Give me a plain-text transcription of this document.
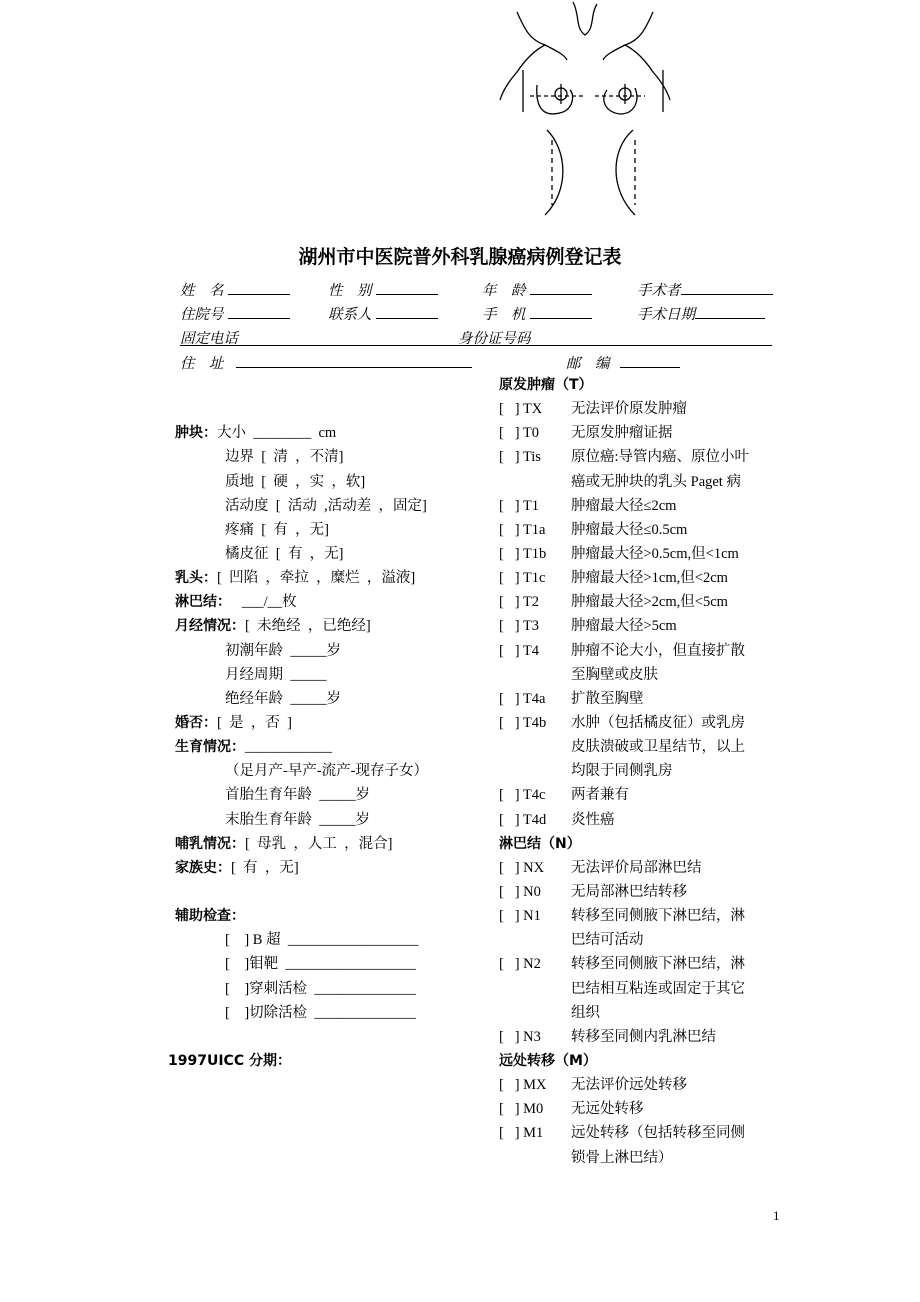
湖州市中医院普外科乳腺癌病例登记表
姓　名	性　别	年　龄	手术者
住院号	联系人	手　机	手术日期
固定电话	身份证号码
住　址	邮　编
肿块：大小  ________  cm
边界  [  清  ，不清]
质地  [  硬  ，实  ，软]
活动度  [  活动  ,活动差  ，固定]
疼痛  [  有  ，无]
橘皮征  [  有  ，无]
乳头：[  凹陷  ，牵拉  ，糜烂  ，溢液]
淋巴结：   ___/__枚
月经情况：[  未绝经  ，已绝经]
初潮年龄  _____岁
月经周期  _____
绝经年龄  _____岁
婚否：[  是  ，否  ]
生育情况：____________
（足月产-早产-流产-现存子女）
首胎生育年龄  _____岁
末胎生育年龄  _____岁
哺乳情况：[  母乳  ，人工  ，混合]
家族史：[  有  ，无]
辅助检查：
[    ] B 超  __________________
[    ]钼靶  __________________
[    ]穿刺活检  ______________
[    ]切除活检  ______________
1997UICC 分期：
原发肿瘤（T）
[   ] TX 无法评价原发肿瘤
[   ] T0 无原发肿瘤证据
[   ] Tis 原位癌:导管内癌、原位小叶
癌或无肿块的乳头 Paget 病
[   ] T1 肿瘤最大径≤2cm
[   ] T1a 肿瘤最大径≤0.5cm
[   ] T1b 肿瘤最大径>0.5cm,但<1cm
[   ] T1c 肿瘤最大径>1cm,但<2cm
[   ] T2 肿瘤最大径>2cm,但<5cm
[   ] T3 肿瘤最大径>5cm
[   ] T4 肿瘤不论大小，但直接扩散
至胸壁或皮肤
[   ] T4a 扩散至胸壁
[   ] T4b 水肿（包括橘皮征）或乳房
皮肤溃破或卫星结节，以上
均限于同侧乳房
[   ] T4c 两者兼有
[   ] T4d 炎性癌
淋巴结（N）
[   ] NX 无法评价局部淋巴结
[   ] N0 无局部淋巴结转移
[   ] N1 转移至同侧腋下淋巴结，淋
巴结可活动
[   ] N2 转移至同侧腋下淋巴结，淋
巴结相互粘连或固定于其它
组织
[   ] N3 转移至同侧内乳淋巴结
远处转移（M）
[   ] MX 无法评价远处转移
[   ] M0 无远处转移
[   ] M1 远处转移（包括转移至同侧
锁骨上淋巴结）
1
